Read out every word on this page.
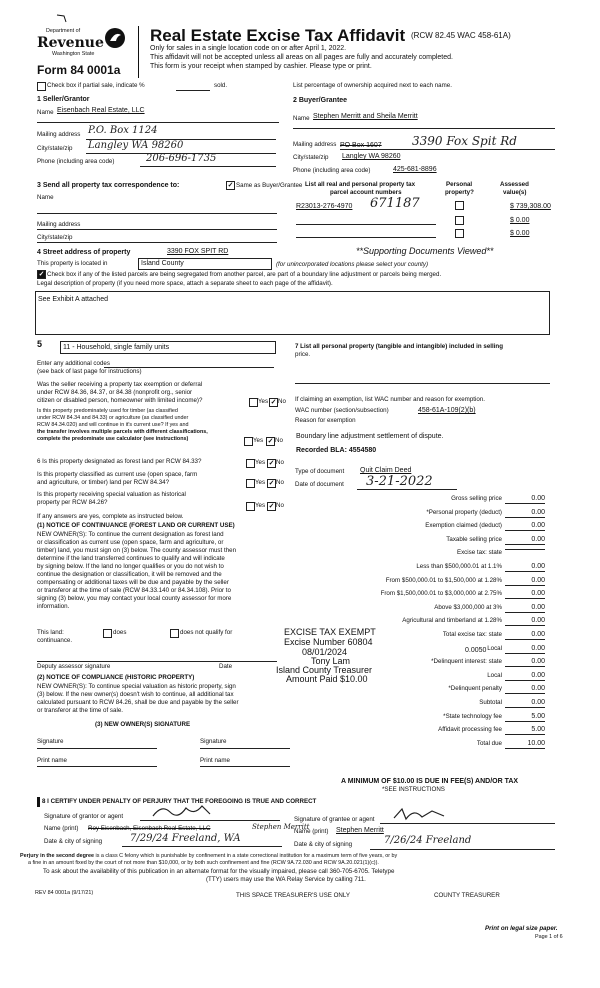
Department of
Revenue
Washington State
Form 84 0001a
Real Estate Excise Tax Affidavit (RCW 82.45 WAC 458-61A)
Only for sales in a single location code on or after April 1, 2022.
This affidavit will not be accepted unless all areas on all pages are fully and accurately completed.
This form is your receipt when stamped by cashier. Please type or print.
Check box if partial sale, indicate %	sold.	List percentage of ownership acquired next to each name.
1 Seller/Grantor
Name Eisenbach Real Estate, LLC
Mailing address P.O. Box 1124
City/state/zip Langley WA 98260
Phone (including area code)	206-696-1735
2 Buyer/Grantee
Name Stephen Merritt and Sheila Merritt
Mailing address PO Box 1607	3390 Fox Spit Rd
City/state/zip Langley WA 98260
Phone (including area code)	425-681-8896
3 Send all property tax correspondence to:	✓ Same as Buyer/Grantee
Name
Mailing address
City/state/zip
List all real and personal property tax
parcel account numbers
Personal
property?
Assessed
value(s)
R23013-276-4970 671187	$ 739,308.00
$ 0.00
$ 0.00
4 Street address of property	3390 FOX SPIT RD	**Supporting Documents Viewed**
This property is located in	Island County	(for unincorporated locations please select your county)
✓ Check box if any of the listed parcels are being segregated from another parcel, are part of a boundary line adjustment or parcels being merged.
Legal description of property (if you need more space, attach a separate sheet to each page of the affidavit).
See Exhibit A attached
5	11 - Household, single family units
Enter any additional codes
(see back of last page for instructions)
Was the seller receiving a property tax exemption or deferral
under RCW 84.36, 84.37, or 84.38 (nonprofit org., senior
citizen or disabled person, homeowner with limited income)?	Yes ✓ No
Is this property predominately used for timber (as classified
under RCW 84.34 and 84.33) or agriculture (as classified under
RCW 84.34.020) and will continue in it's current use? If yes and
the transfer involves multiple parcels with different classifications,
complete the predominate use calculator (see instructions)	Yes ✓ No
6 Is this property designated as forest land per RCW 84.33?	Yes ✓ No
Is this property classified as current use (open space, farm
and agriculture, or timber) land per RCW 84.34?	Yes ✓ No
Is this property receiving special valuation as historical
property per RCW 84.26?	Yes ✓ No
If any answers are yes, complete as instructed below.
(1) NOTICE OF CONTINUANCE (FOREST LAND OR CURRENT USE)
NEW OWNER(S): To continue the current designation as forest land
or classification as current use (open space, farm and agriculture, or
timber) land, you must sign on (3) below. The county assessor must then
determine if the land transferred continues to qualify and will indicate
by signing below. If the land no longer qualifies or you do not wish to
continue the designation or classification, it will be removed and the
compensating or additional taxes will be due and payable by the seller
or transferor at the time of sale (RCW 84.33.140 or 84.34.108). Prior to
signing (3) below, you may contact your local county assessor for more
information.
This land:	does	does not qualify for
continuance.
EXCISE TAX EXEMPT
Excise Number 60804
08/01/2024
Tony Lam
Island County Treasurer
Amount Paid $10.00
Deputy assessor signature	Date
(2) NOTICE OF COMPLIANCE (HISTORIC PROPERTY)
NEW OWNER(S): To continue special valuation as historic property, sign
(3) below. If the new owner(s) doesn't wish to continue, all additional tax
calculated pursuant to RCW 84.26, shall be due and payable by the seller
or transferor at the time of sale.
(3) NEW OWNER(S) SIGNATURE
Signature	Signature
Print name	Print name
7 List all personal property (tangible and intangible) included in selling
price.
If claiming an exemption, list WAC number and reason for exemption.
WAC number (section/subsection)	458-61A-109(2)(b)
Reason for exemption
Boundary line adjustment settlement of dispute.
Recorded BLA: 4554580
Type of document Quit Claim Deed
Date of document 3-21-2022
Gross selling price	0.00
*Personal property (deduct)	0.00
Exemption claimed (deduct)	0.00
Taxable selling price	0.00
Excise tax: state
Less than $500,000.01 at 1.1%	0.00
From $500,000.01 to $1,500,000 at 1.28%	0.00
From $1,500,000.01 to $3,000,000 at 2.75%	0.00
Above $3,000,000 at 3%	0.00
Agricultural and timberland at 1.28%	0.00
Total excise tax: state	0.00
Local	0.00
*Delinquent interest: state	0.00
Local	0.00
*Delinquent penalty	0.00
Subtotal	0.00
*State technology fee	5.00
Affidavit processing fee	5.00
Total due	10.00
0.0050
A MINIMUM OF $10.00 IS DUE IN FEE(S) AND/OR TAX
*SEE INSTRUCTIONS
8 I CERTIFY UNDER PENALTY OF PERJURY THAT THE FOREGOING IS TRUE AND CORRECT
Signature of grantor or agent
Name (print) Roy Eisenbach, Eisenbach Real Estate, LLC	Stephen Merritt
Date & city of signing	7/29/24 Freeland, WA
Signature of grantee or agent
Name (print) Stephen Merritt
Date & city of signing	7/26/24 Freeland
Perjury in the second degree is a class C felony which is punishable by confinement in a state correctional institution for a maximum term of five years, or by
a fine in an amount fixed by the court of not more than $10,000, or by both such confinement and fine (RCW 9A.72.030 and RCW 9A.20.021(1)(c)).
To ask about the availability of this publication in an alternate format for the visually impaired, please call 360-705-6705. Teletype
(TTY) users may use the WA Relay Service by calling 711.
REV 84 0001a (9/17/21)	THIS SPACE TREASURER'S USE ONLY	COUNTY TREASURER
Print on legal size paper.
Page 1 of 6
